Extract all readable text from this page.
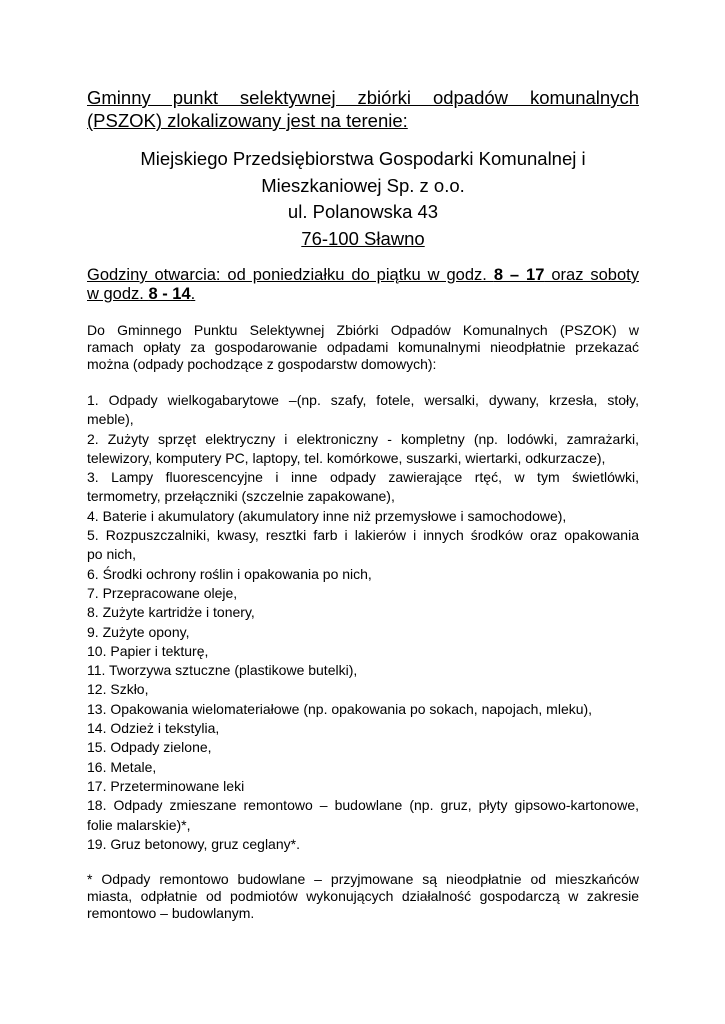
Gminny punkt selektywnej zbiórki odpadów komunalnych
(PSZOK) zlokalizowany jest na terenie:

Miejskiego Przedsiębiorstwa Gospodarki Komunalnej i
Mieszkaniowej Sp. z o.o.
ul. Polanowska 43
76-100 Sławno
Godziny otwarcia: od poniedziałku do piątku w godz. 8 – 17 oraz soboty
w godz. 8 - 14.
Do Gminnego Punktu Selektywnej Zbiórki Odpadów Komunalnych (PSZOK) w
ramach opłaty za gospodarowanie odpadami komunalnymi nieodpłatnie przekazać
można (odpady pochodzące z gospodarstw domowych):
1. Odpady wielkogabarytowe –(np. szafy, fotele, wersalki, dywany, krzesła, stoły,
meble),
2. Zużyty sprzęt elektryczny i elektroniczny - kompletny (np. lodówki, zamrażarki,
telewizory, komputery PC, laptopy, tel. komórkowe, suszarki, wiertarki, odkurzacze),
3. Lampy fluorescencyjne i inne odpady zawierające rtęć, w tym świetlówki,
termometry, przełączniki (szczelnie zapakowane),
4. Baterie i akumulatory (akumulatory inne niż przemysłowe i samochodowe),
5. Rozpuszczalniki, kwasy, resztki farb i lakierów i innych środków oraz opakowania
po nich,
6. Środki ochrony roślin i opakowania po nich,
7. Przepracowane oleje,
8. Zużyte kartridże i tonery,
9. Zużyte opony,
10. Papier i tekturę,
11. Tworzywa sztuczne (plastikowe butelki),
12. Szkło,
13. Opakowania wielomateriałowe (np. opakowania po sokach, napojach, mleku),
14. Odzież i tekstylia,
15. Odpady zielone,
16. Metale,
17. Przeterminowane leki
18. Odpady zmieszane remontowo – budowlane (np. gruz, płyty gipsowo-kartonowe,
folie malarskie)*,
19. Gruz betonowy, gruz ceglany*.
* Odpady remontowo budowlane – przyjmowane są nieodpłatnie od mieszkańców
miasta, odpłatnie od podmiotów wykonujących działalność gospodarczą w zakresie
remontowo – budowlanym.
